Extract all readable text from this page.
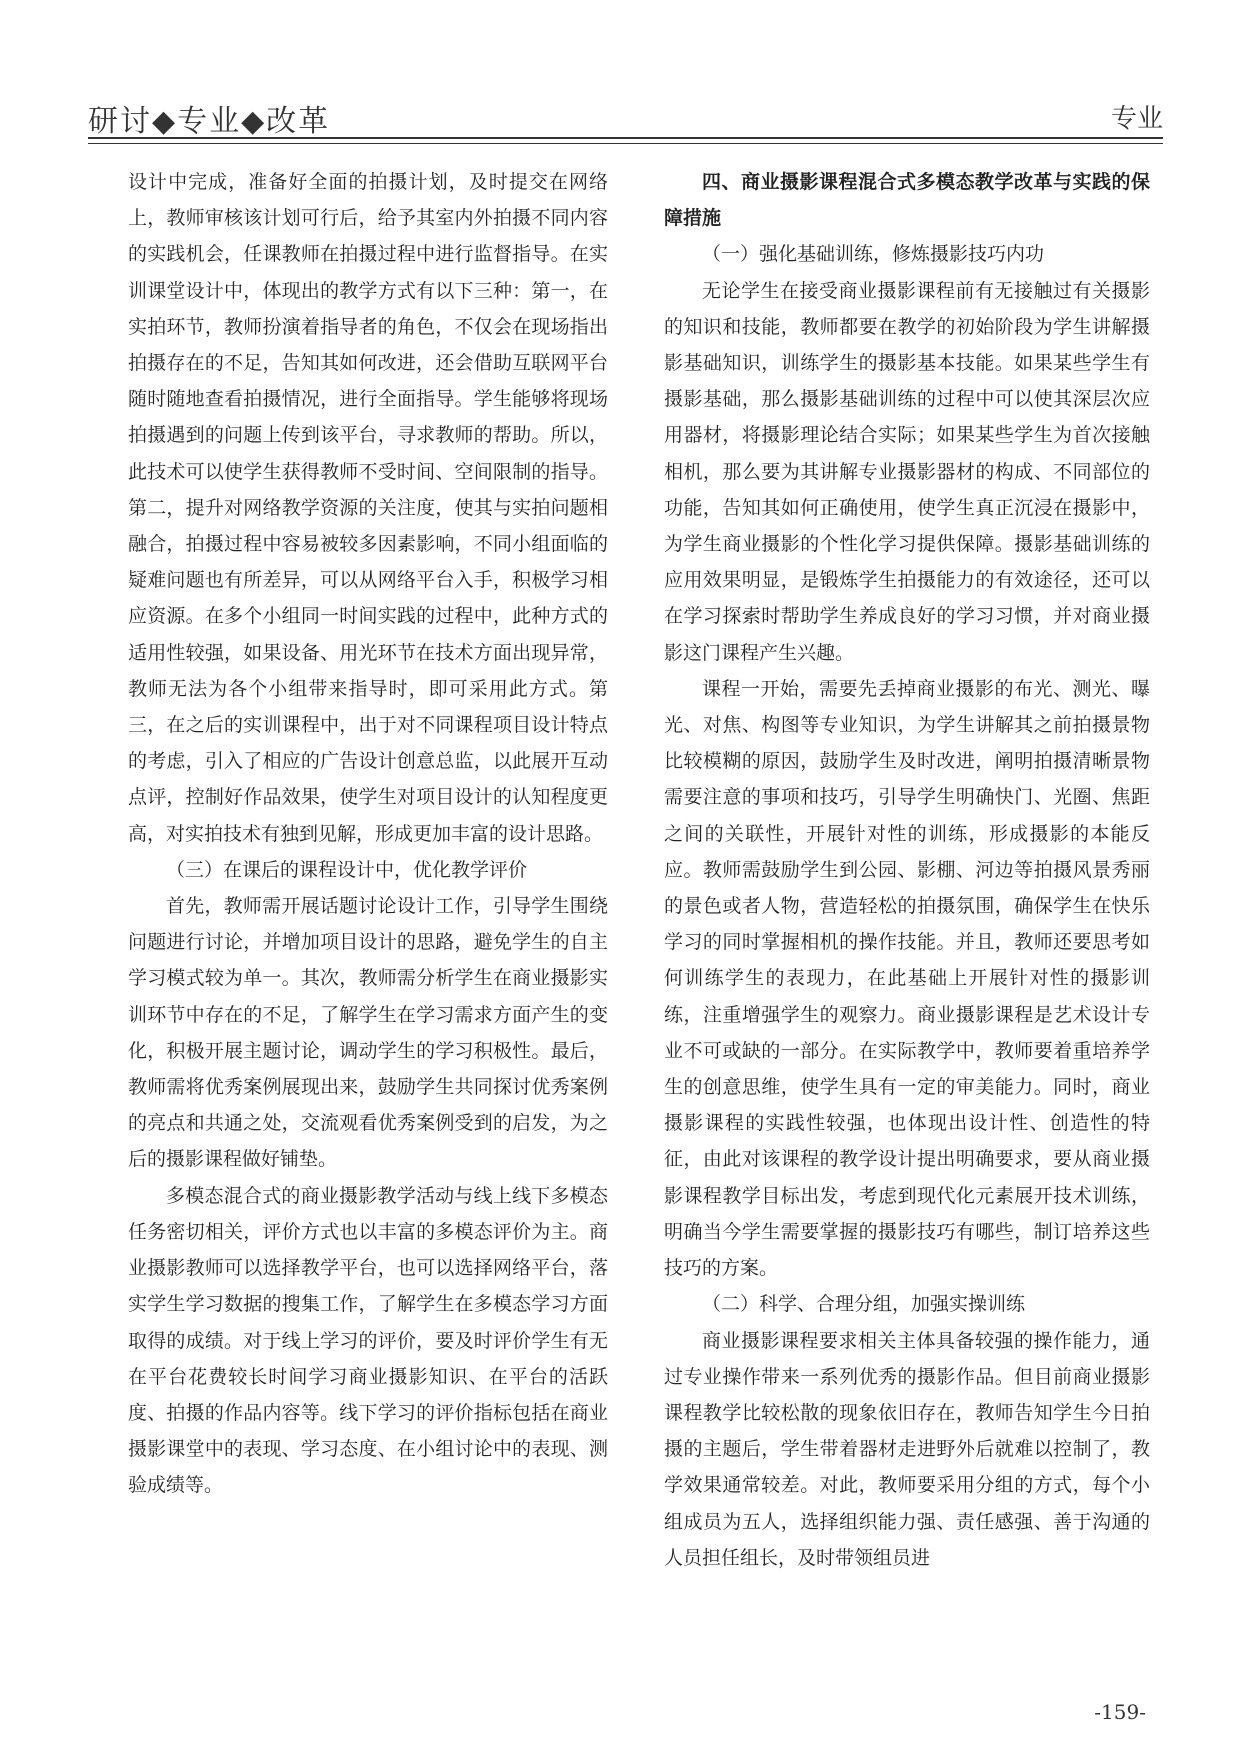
研讨◆专业◆改革	专业

设计中完成，准备好全面的拍摄计划，及时提交在网络上，教师审核该计划可行后，给予其室内外拍摄不同内容的实践机会，任课教师在拍摄过程中进行监督指导。在实训课堂设计中，体现出的教学方式有以下三种：第一，在实拍环节，教师扮演着指导者的角色，不仅会在现场指出拍摄存在的不足，告知其如何改进，还会借助互联网平台随时随地查看拍摄情况，进行全面指导。学生能够将现场拍摄遇到的问题上传到该平台，寻求教师的帮助。所以，此技术可以使学生获得教师不受时间、空间限制的指导。第二，提升对网络教学资源的关注度，使其与实拍问题相融合，拍摄过程中容易被较多因素影响，不同小组面临的疑难问题也有所差异，可以从网络平台入手，积极学习相应资源。在多个小组同一时间实践的过程中，此种方式的适用性较强，如果设备、用光环节在技术方面出现异常，教师无法为各个小组带来指导时，即可采用此方式。第三，在之后的实训课程中，出于对不同课程项目设计特点的考虑，引入了相应的广告设计创意总监，以此展开互动点评，控制好作品效果，使学生对项目设计的认知程度更高，对实拍技术有独到见解，形成更加丰富的设计思路。

（三）在课后的课程设计中，优化教学评价

首先，教师需开展话题讨论设计工作，引导学生围绕问题进行讨论，并增加项目设计的思路，避免学生的自主学习模式较为单一。其次，教师需分析学生在商业摄影实训环节中存在的不足，了解学生在学习需求方面产生的变化，积极开展主题讨论，调动学生的学习积极性。最后，教师需将优秀案例展现出来，鼓励学生共同探讨优秀案例的亮点和共通之处，交流观看优秀案例受到的启发，为之后的摄影课程做好铺垫。

多模态混合式的商业摄影教学活动与线上线下多模态任务密切相关，评价方式也以丰富的多模态评价为主。商业摄影教师可以选择教学平台，也可以选择网络平台，落实学生学习数据的搜集工作，了解学生在多模态学习方面取得的成绩。对于线上学习的评价，要及时评价学生有无在平台花费较长时间学习商业摄影知识、在平台的活跃度、拍摄的作品内容等。线下学习的评价指标包括在商业摄影课堂中的表现、学习态度、在小组讨论中的表现、测验成绩等。

四、商业摄影课程混合式多模态教学改革与实践的保障措施

（一）强化基础训练，修炼摄影技巧内功

无论学生在接受商业摄影课程前有无接触过有关摄影的知识和技能，教师都要在教学的初始阶段为学生讲解摄影基础知识，训练学生的摄影基本技能。如果某些学生有摄影基础，那么摄影基础训练的过程中可以使其深层次应用器材，将摄影理论结合实际；如果某些学生为首次接触相机，那么要为其讲解专业摄影器材的构成、不同部位的功能，告知其如何正确使用，使学生真正沉浸在摄影中，为学生商业摄影的个性化学习提供保障。摄影基础训练的应用效果明显，是锻炼学生拍摄能力的有效途径，还可以在学习探索时帮助学生养成良好的学习习惯，并对商业摄影这门课程产生兴趣。

课程一开始，需要先丢掉商业摄影的布光、测光、曝光、对焦、构图等专业知识，为学生讲解其之前拍摄景物比较模糊的原因，鼓励学生及时改进，阐明拍摄清晰景物需要注意的事项和技巧，引导学生明确快门、光圈、焦距之间的关联性，开展针对性的训练，形成摄影的本能反应。教师需鼓励学生到公园、影棚、河边等拍摄风景秀丽的景色或者人物，营造轻松的拍摄氛围，确保学生在快乐学习的同时掌握相机的操作技能。并且，教师还要思考如何训练学生的表现力，在此基础上开展针对性的摄影训练，注重增强学生的观察力。商业摄影课程是艺术设计专业不可或缺的一部分。在实际教学中，教师要着重培养学生的创意思维，使学生具有一定的审美能力。同时，商业摄影课程的实践性较强，也体现出设计性、创造性的特征，由此对该课程的教学设计提出明确要求，要从商业摄影课程教学目标出发，考虑到现代化元素展开技术训练，明确当今学生需要掌握的摄影技巧有哪些，制订培养这些技巧的方案。

（二）科学、合理分组，加强实操训练

商业摄影课程要求相关主体具备较强的操作能力，通过专业操作带来一系列优秀的摄影作品。但目前商业摄影课程教学比较松散的现象依旧存在，教师告知学生今日拍摄的主题后，学生带着器材走进野外后就难以控制了，教学效果通常较差。对此，教师要采用分组的方式，每个小组成员为五人，选择组织能力强、责任感强、善于沟通的人员担任组长，及时带领组员进

-159-
